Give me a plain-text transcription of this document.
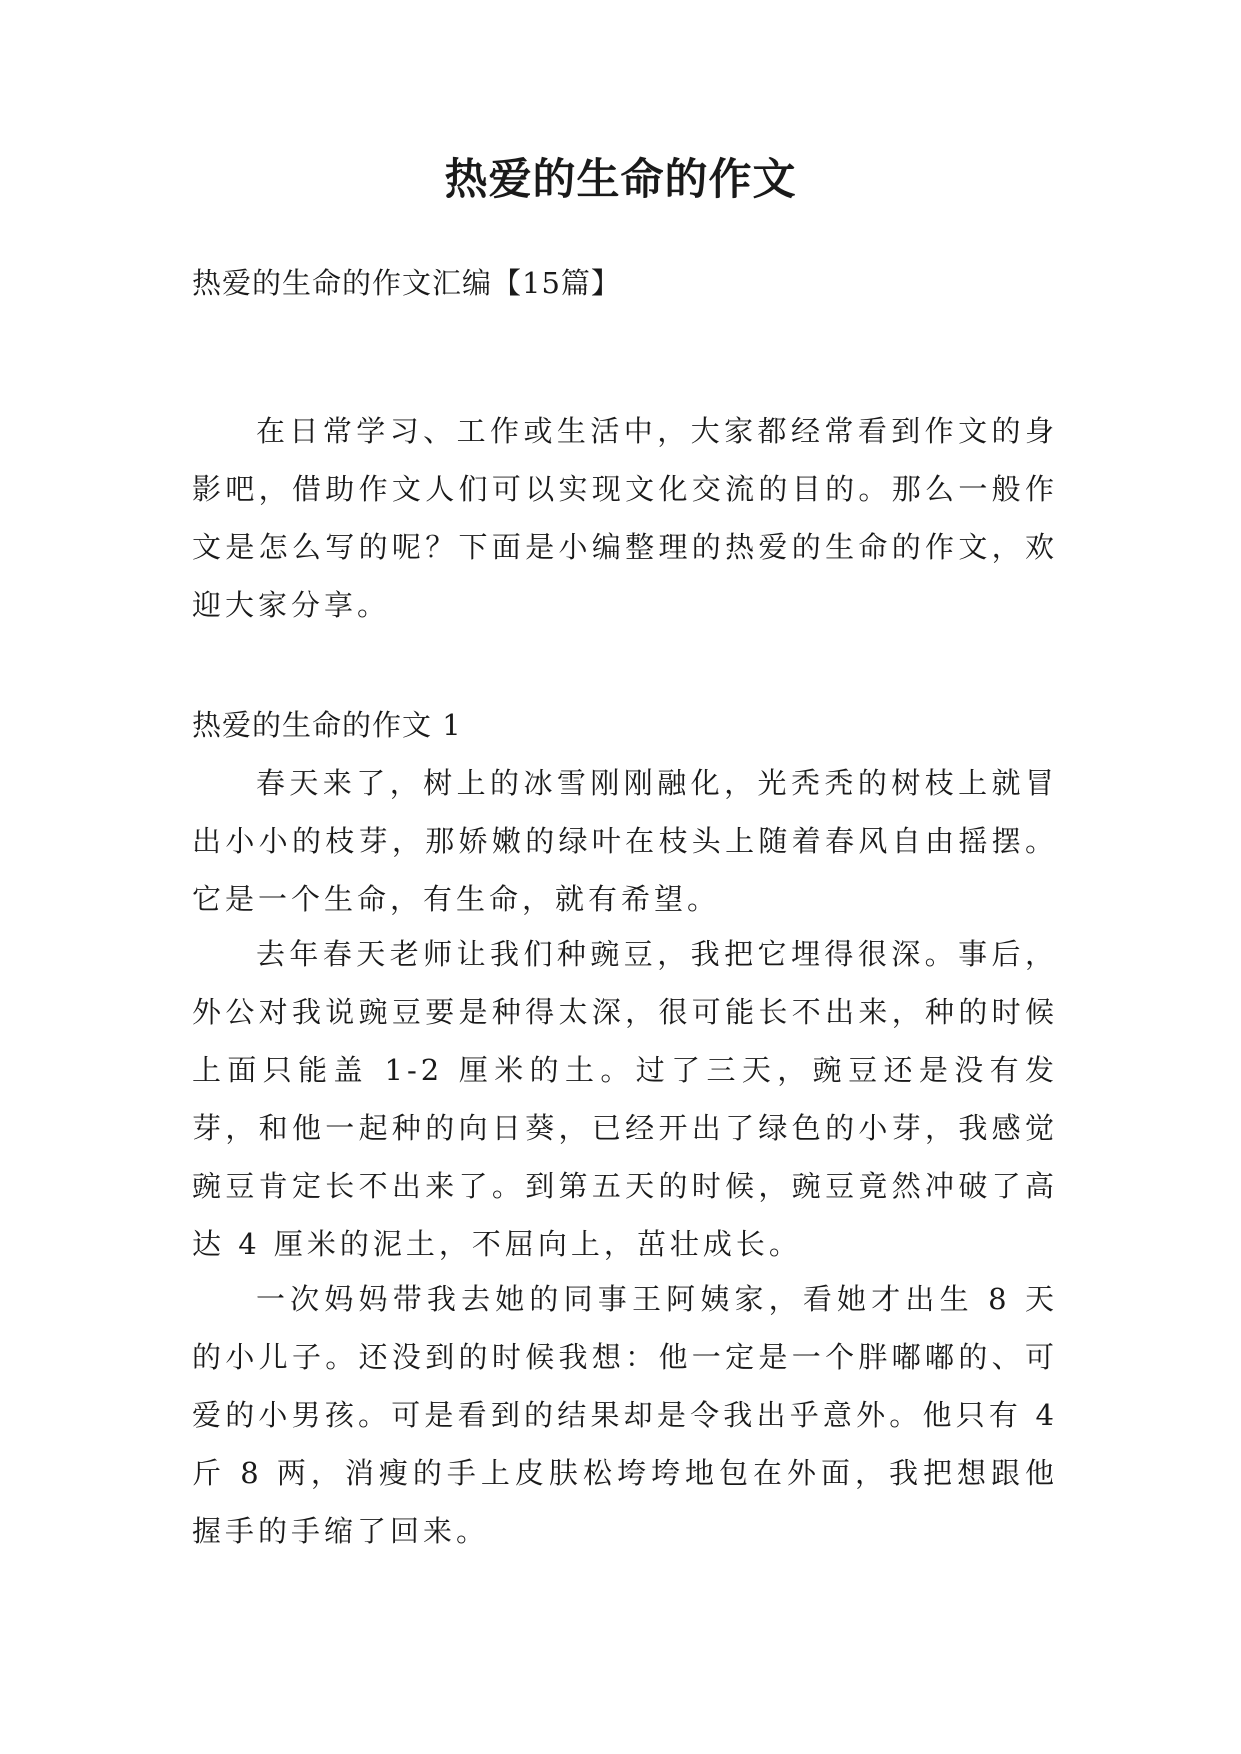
热爱的生命的作文

热爱的生命的作文汇编【15篇】

在日常学习、工作或生活中，大家都经常看到作文的身影吧，借助作文人们可以实现文化交流的目的。那么一般作文是怎么写的呢？下面是小编整理的热爱的生命的作文，欢迎大家分享。

热爱的生命的作文 1

春天来了，树上的冰雪刚刚融化，光秃秃的树枝上就冒出小小的枝芽，那娇嫩的绿叶在枝头上随着春风自由摇摆。它是一个生命，有生命，就有希望。

去年春天老师让我们种豌豆，我把它埋得很深。事后，外公对我说豌豆要是种得太深，很可能长不出来，种的时候上面只能盖 1-2 厘米的土。过了三天，豌豆还是没有发芽，和他一起种的向日葵，已经开出了绿色的小芽，我感觉豌豆肯定长不出来了。到第五天的时候，豌豆竟然冲破了高达 4 厘米的泥土，不屈向上，茁壮成长。

一次妈妈带我去她的同事王阿姨家，看她才出生 8 天的小儿子。还没到的时候我想：他一定是一个胖嘟嘟的、可爱的小男孩。可是看到的结果却是令我出乎意外。他只有 4 斤 8 两，消瘦的手上皮肤松垮垮地包在外面，我把想跟他握手的手缩了回来。
